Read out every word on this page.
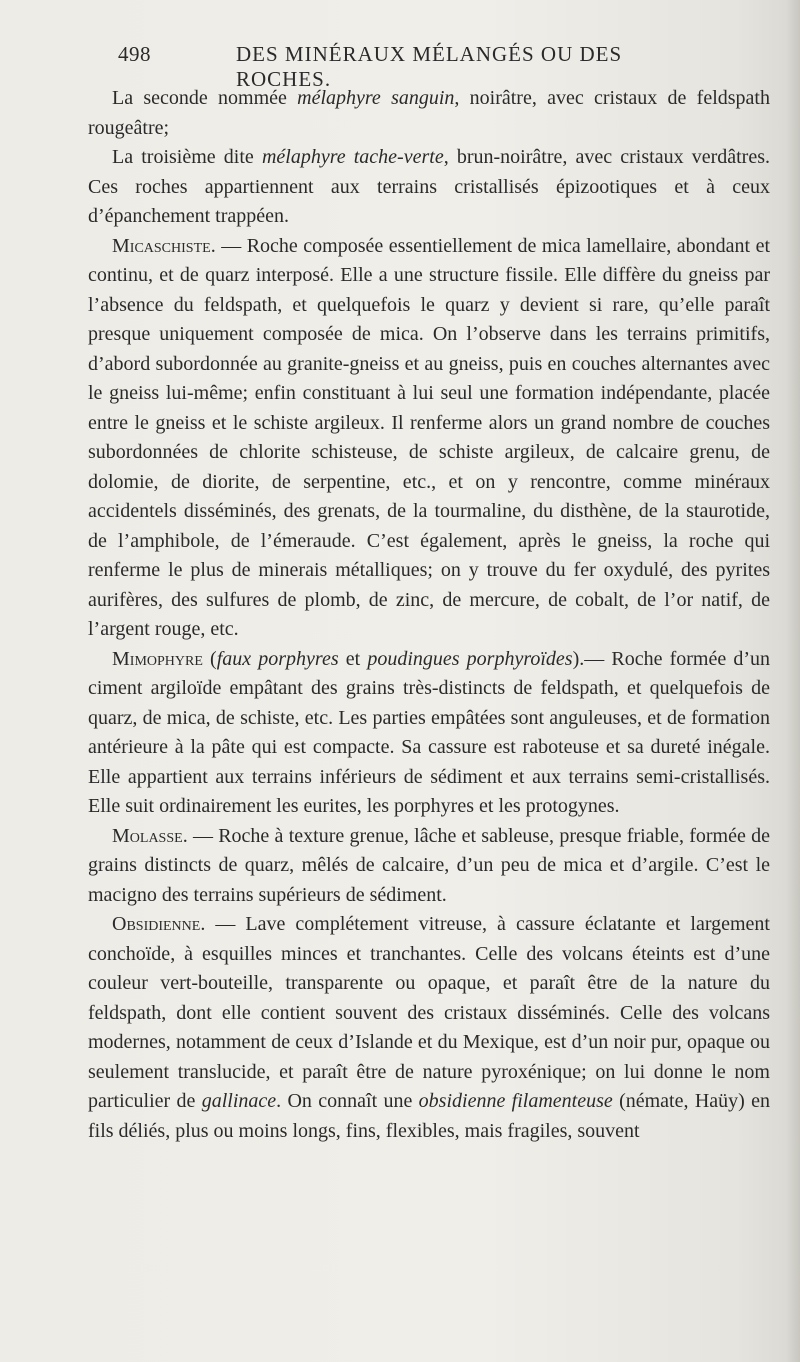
498	DES MINÉRAUX MÉLANGÉS OU DES ROCHES.

La seconde nommée mélaphyre sanguin, noirâtre, avec cristaux de feldspath rougeâtre;

La troisième dite mélaphyre tache-verte, brun-noirâtre, avec cristaux verdâtres. Ces roches appartiennent aux terrains cristallisés épizootiques et à ceux d’épanchement trappéen.

Micaschiste. — Roche composée essentiellement de mica lamellaire, abondant et continu, et de quarz interposé. Elle a une structure fissile. Elle diffère du gneiss par l’absence du feldspath, et quelquefois le quarz y devient si rare, qu’elle paraît presque uniquement composée de mica. On l’observe dans les terrains primitifs, d’abord subordonnée au granite-gneiss et au gneiss, puis en couches alternantes avec le gneiss lui-même; enfin constituant à lui seul une formation indépendante, placée entre le gneiss et le schiste argileux. Il renferme alors un grand nombre de couches subordonnées de chlorite schisteuse, de schiste argileux, de calcaire grenu, de dolomie, de diorite, de serpentine, etc., et on y rencontre, comme minéraux accidentels disséminés, des grenats, de la tourmaline, du disthène, de la staurotide, de l’amphibole, de l’émeraude. C’est également, après le gneiss, la roche qui renferme le plus de minerais métalliques; on y trouve du fer oxydulé, des pyrites aurifères, des sulfures de plomb, de zinc, de mercure, de cobalt, de l’or natif, de l’argent rouge, etc.

Mimophyre (faux porphyres et poudingues porphyroïdes).— Roche formée d’un ciment argiloïde empâtant des grains très-distincts de feldspath, et quelquefois de quarz, de mica, de schiste, etc. Les parties empâtées sont anguleuses, et de formation antérieure à la pâte qui est compacte. Sa cassure est raboteuse et sa dureté inégale. Elle appartient aux terrains inférieurs de sédiment et aux terrains semi-cristallisés. Elle suit ordinairement les eurites, les porphyres et les protogynes.

Molasse. — Roche à texture grenue, lâche et sableuse, presque friable, formée de grains distincts de quarz, mêlés de calcaire, d’un peu de mica et d’argile. C’est le macigno des terrains supérieurs de sédiment.

Obsidienne. — Lave complétement vitreuse, à cassure éclatante et largement conchoïde, à esquilles minces et tranchantes. Celle des volcans éteints est d’une couleur vert-bouteille, transparente ou opaque, et paraît être de la nature du feldspath, dont elle contient souvent des cristaux disséminés. Celle des volcans modernes, notamment de ceux d’Islande et du Mexique, est d’un noir pur, opaque ou seulement translucide, et paraît être de nature pyroxénique; on lui donne le nom particulier de gallinace. On connaît une obsidienne filamenteuse (némate, Haüy) en fils déliés, plus ou moins longs, fins, flexibles, mais fragiles, souvent
